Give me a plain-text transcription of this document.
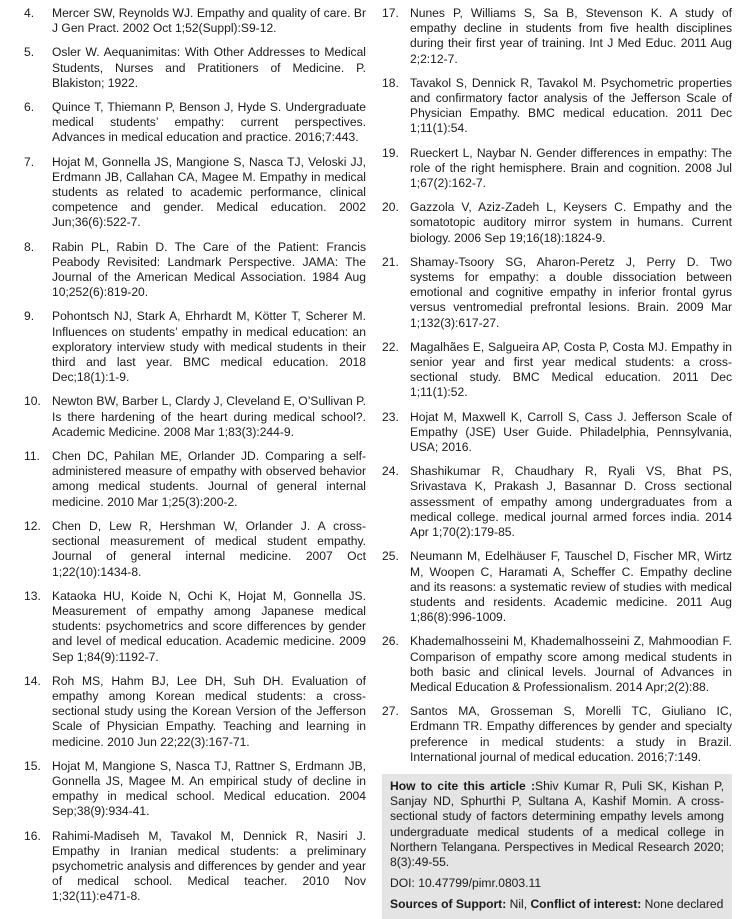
4.	Mercer SW, Reynolds WJ. Empathy and quality of care. Br J Gen Pract. 2002 Oct 1;52(Suppl):S9-12.
5.	Osler W. Aequanimitas: With Other Addresses to Medical Students, Nurses and Pratitioners of Medicine. P. Blakiston; 1922.
6.	Quince T, Thiemann P, Benson J, Hyde S. Undergraduate medical students’ empathy: current perspectives. Advances in medical education and practice. 2016;7:443.
7.	Hojat M, Gonnella JS, Mangione S, Nasca TJ, Veloski JJ, Erdmann JB, Callahan CA, Magee M. Empathy in medical students as related to academic performance, clinical competence and gender. Medical education. 2002 Jun;36(6):522-7.
8.	Rabin PL, Rabin D. The Care of the Patient: Francis Peabody Revisited: Landmark Perspective. JAMA: The Journal of the American Medical Association. 1984 Aug 10;252(6):819-20.
9.	Pohontsch NJ, Stark A, Ehrhardt M, Kötter T, Scherer M. Influences on students’ empathy in medical education: an exploratory interview study with medical students in their third and last year. BMC medical education. 2018 Dec;18(1):1-9.
10. Newton BW, Barber L, Clardy J, Cleveland E, O’Sullivan P. Is there hardening of the heart during medical school?. Academic Medicine. 2008 Mar 1;83(3):244-9.
11. Chen DC, Pahilan ME, Orlander JD. Comparing a self-administered measure of empathy with observed behavior among medical students. Journal of general internal medicine. 2010 Mar 1;25(3):200-2.
12. Chen D, Lew R, Hershman W, Orlander J. A cross-sectional measurement of medical student empathy. Journal of general internal medicine. 2007 Oct 1;22(10):1434-8.
13. Kataoka HU, Koide N, Ochi K, Hojat M, Gonnella JS. Measurement of empathy among Japanese medical students: psychometrics and score differences by gender and level of medical education. Academic medicine. 2009 Sep 1;84(9):1192-7.
14. Roh MS, Hahm BJ, Lee DH, Suh DH. Evaluation of empathy among Korean medical students: a cross-sectional study using the Korean Version of the Jefferson Scale of Physician Empathy. Teaching and learning in medicine. 2010 Jun 22;22(3):167-71.
15. Hojat M, Mangione S, Nasca TJ, Rattner S, Erdmann JB, Gonnella JS, Magee M. An empirical study of decline in empathy in medical school. Medical education. 2004 Sep;38(9):934-41.
16. Rahimi-Madiseh M, Tavakol M, Dennick R, Nasiri J. Empathy in Iranian medical students: a preliminary psychometric analysis and differences by gender and year of medical school. Medical teacher. 2010 Nov 1;32(11):e471-8.
17. Nunes P, Williams S, Sa B, Stevenson K. A study of empathy decline in students from five health disciplines during their first year of training. Int J Med Educ. 2011 Aug 2;2:12-7.
18. Tavakol S, Dennick R, Tavakol M. Psychometric properties and confirmatory factor analysis of the Jefferson Scale of Physician Empathy. BMC medical education. 2011 Dec 1;11(1):54.
19. Rueckert L, Naybar N. Gender differences in empathy: The role of the right hemisphere. Brain and cognition. 2008 Jul 1;67(2):162-7.
20. Gazzola V, Aziz-Zadeh L, Keysers C. Empathy and the somatotopic auditory mirror system in humans. Current biology. 2006 Sep 19;16(18):1824-9.
21. Shamay-Tsoory SG, Aharon-Peretz J, Perry D. Two systems for empathy: a double dissociation between emotional and cognitive empathy in inferior frontal gyrus versus ventromedial prefrontal lesions. Brain. 2009 Mar 1;132(3):617-27.
22. Magalhães E, Salgueira AP, Costa P, Costa MJ. Empathy in senior year and first year medical students: a cross-sectional study. BMC Medical education. 2011 Dec 1;11(1):52.
23. Hojat M, Maxwell K, Carroll S, Cass J. Jefferson Scale of Empathy (JSE) User Guide. Philadelphia, Pennsylvania, USA; 2016.
24. Shashikumar R, Chaudhary R, Ryali VS, Bhat PS, Srivastava K, Prakash J, Basannar D. Cross sectional assessment of empathy among undergraduates from a medical college. medical journal armed forces india. 2014 Apr 1;70(2):179-85.
25. Neumann M, Edelhäuser F, Tauschel D, Fischer MR, Wirtz M, Woopen C, Haramati A, Scheffer C. Empathy decline and its reasons: a systematic review of studies with medical students and residents. Academic medicine. 2011 Aug 1;86(8):996-1009.
26. Khademalhosseini M, Khademalhosseini Z, Mahmoodian F. Comparison of empathy score among medical students in both basic and clinical levels. Journal of Advances in Medical Education & Professionalism. 2014 Apr;2(2):88.
27. Santos MA, Grosseman S, Morelli TC, Giuliano IC, Erdmann TR. Empathy differences by gender and specialty preference in medical students: a study in Brazil. International journal of medical education. 2016;7:149.

How to cite this article :Shiv Kumar R, Puli SK, Kishan P, Sanjay ND, Sphurthi P, Sultana A, Kashif Momin. A cross-sectional study of factors determining empathy levels among undergraduate medical students of a medical college in Northern Telangana. Perspectives in Medical Research 2020; 8(3):49-55.

DOI: 10.47799/pimr.0803.11

Sources of Support: Nil, Conflict of interest: None declared
